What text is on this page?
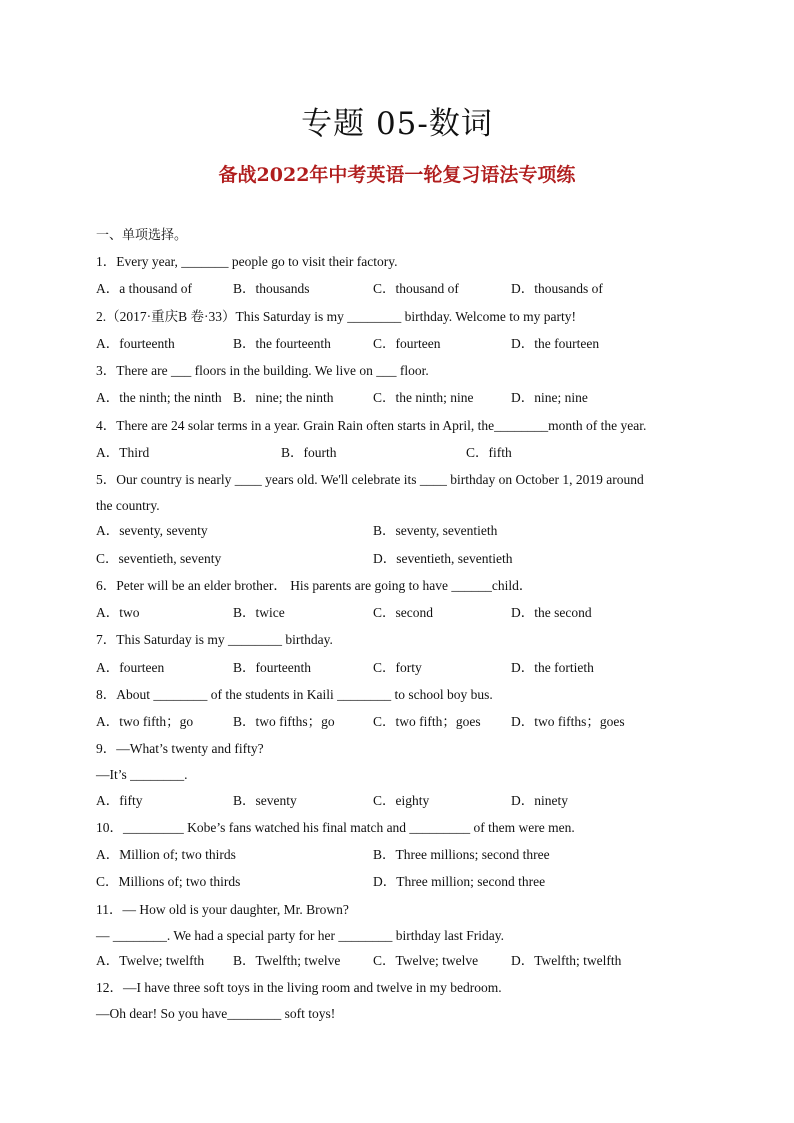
专题 05-数词
备战2022年中考英语一轮复习语法专项练
一、单项选择。
1．Every year, _______ people go to visit their factory.
A．a thousand of	B．thousands	C．thousand of	D．thousands of
2.（2017·重庆B 卷·33）This Saturday is my ________ birthday. Welcome to my party!
A．fourteenth	B．the fourteenth	C．fourteen	D．the fourteen
3．There are ___ floors in the building. We live on ___ floor.
A．the ninth; the ninth B．nine; the ninth	C．the ninth; nine	D．nine; nine
4．There are 24 solar terms in a year. Grain Rain often starts in April, the________month of the year.
A．Third	B．fourth	C．fifth
5．Our country is nearly ____ years old. We'll celebrate its ____ birthday on October 1, 2019 around
the country.
A．seventy, seventy	B．seventy, seventieth
C．seventieth, seventy	D．seventieth, seventieth
6．Peter will be an elder brother． His parents are going to have ______child．
A．two	B．twice	C．second	D．the second
7．This Saturday is my ________ birthday.
A．fourteen	B．fourteenth	C．forty	D．the fortieth
8．About ________ of the students in Kaili ________ to school boy bus.
A．two fifth；go	B．two fifths；go	C．two fifth；goes D．two fifths；goes
9．—What’s twenty and fifty?
—It’s ________.
A．fifty	B．seventy	C．eighty	D．ninety
10．_________ Kobe’s fans watched his final match and _________ of them were men.
A．Million of; two thirds	B．Three millions; second three
C．Millions of; two thirds	D．Three million; second three
11．— How old is your daughter, Mr. Brown?
— ________. We had a special party for her ________ birthday last Friday.
A．Twelve; twelfth B．Twelfth; twelve C．Twelve; twelve D．Twelfth; twelfth
12．—I have three soft toys in the living room and twelve in my bedroom.
—Oh dear! So you have________ soft toys!
